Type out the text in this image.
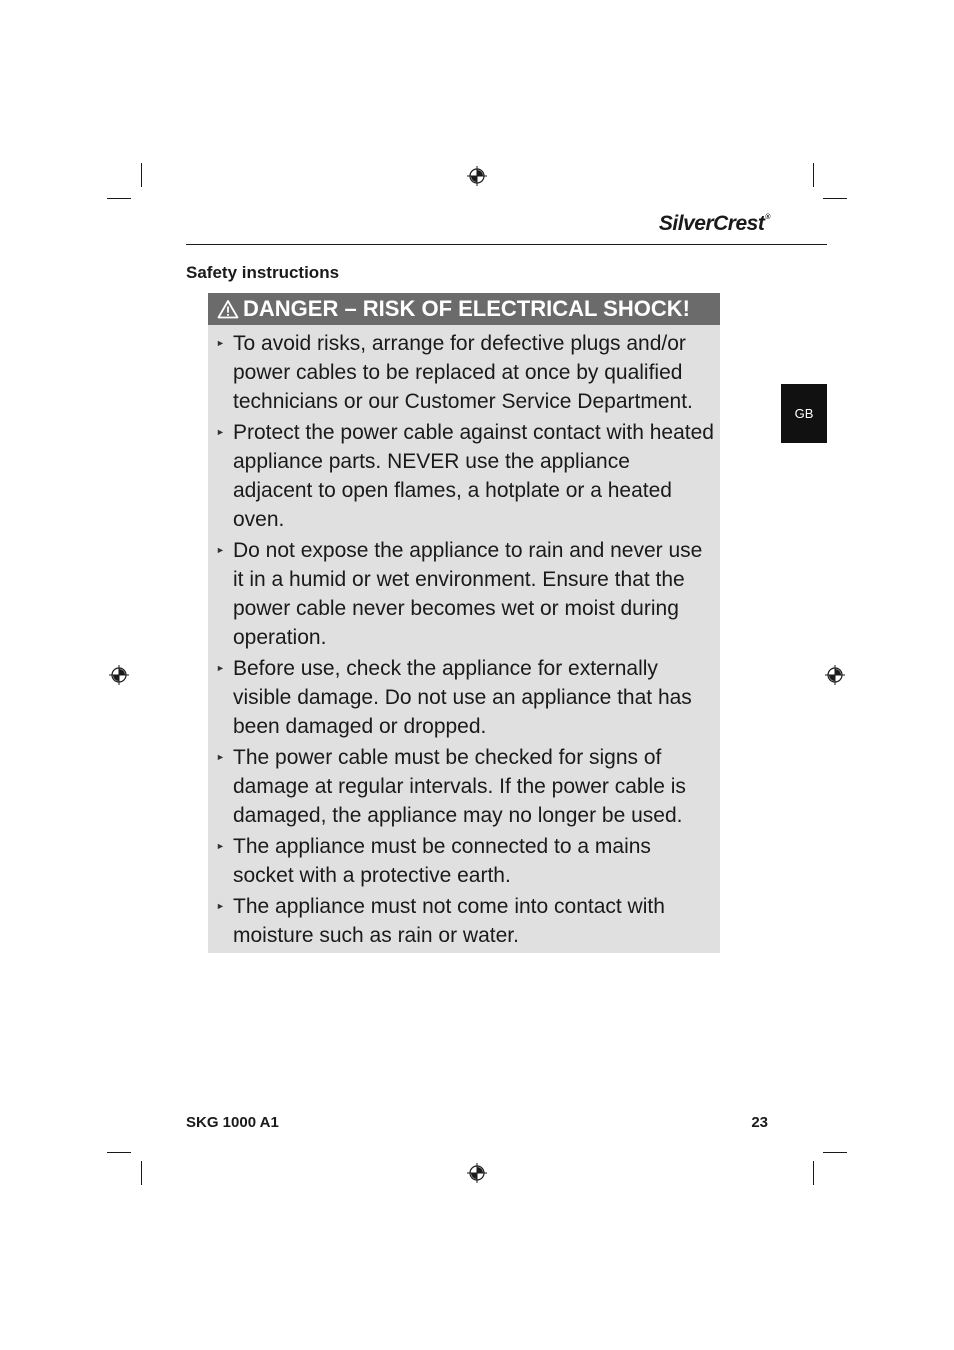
SilverCrest®
Safety instructions
DANGER – RISK OF ELECTRICAL SHOCK!
► To avoid risks, arrange for defective plugs and/or power cables to be replaced at once by qualified technicians or our Customer Service Department.
► Protect the power cable against contact with heated appliance parts. NEVER use the appliance adjacent to open flames, a hotplate or a heated oven.
► Do not expose the appliance to rain and never use it in a humid or wet environment. Ensure that the power cable never becomes wet or moist during operation.
► Before use, check the appliance for externally visible damage. Do not use an appliance that has been damaged or dropped.
► The power cable must be checked for signs of damage at regular intervals. If the power cable is damaged, the appliance may no longer be used.
► The appliance must be connected to a mains socket with a protective earth.
► The appliance must not come into contact with moisture such as rain or water.
GB
SKG 1000 A1	23
